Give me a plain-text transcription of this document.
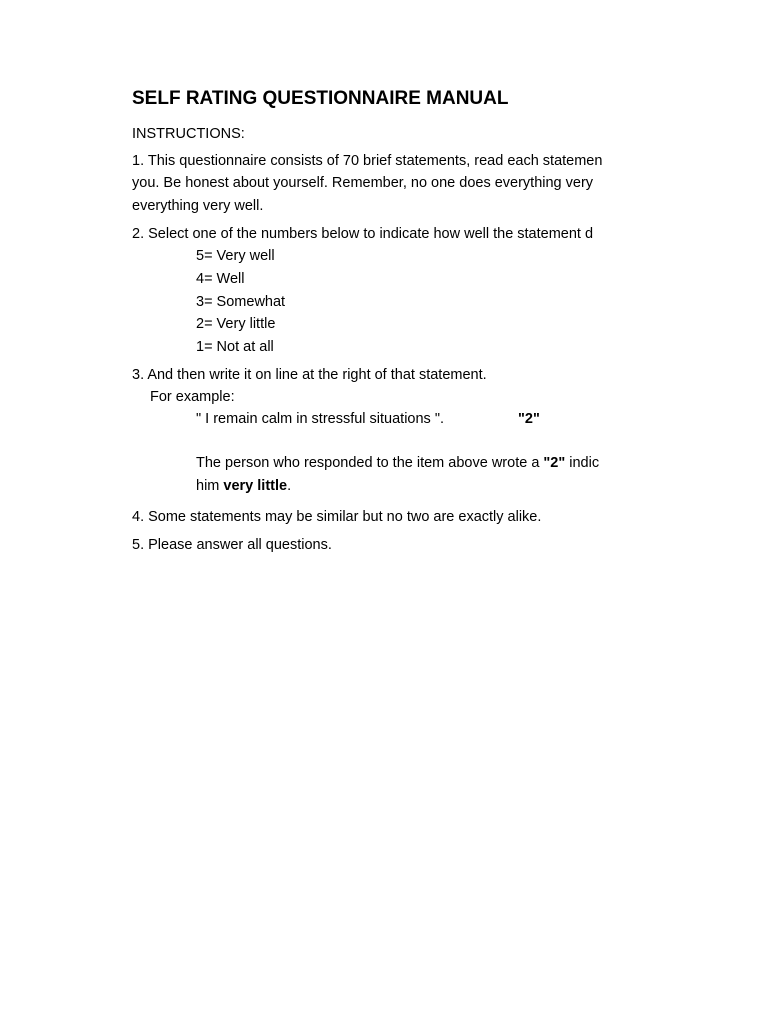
SELF RATING QUESTIONNAIRE MANUAL
INSTRUCTIONS:
1. This questionnaire consists of 70 brief statements, read each statemen
you. Be honest about yourself. Remember, no one does everything very
everything very well.
2. Select one of the numbers below to indicate how well the statement d
5= Very well
4= Well
3= Somewhat
2= Very little
1= Not at all
3. And then write it on line at the right of that statement.
For example:
" I remain calm in stressful situations ".	"2"
The person who responded to the item above wrote a "2" indic
him very little.
4. Some statements may be similar but no two are exactly alike.
5. Please answer all questions.
